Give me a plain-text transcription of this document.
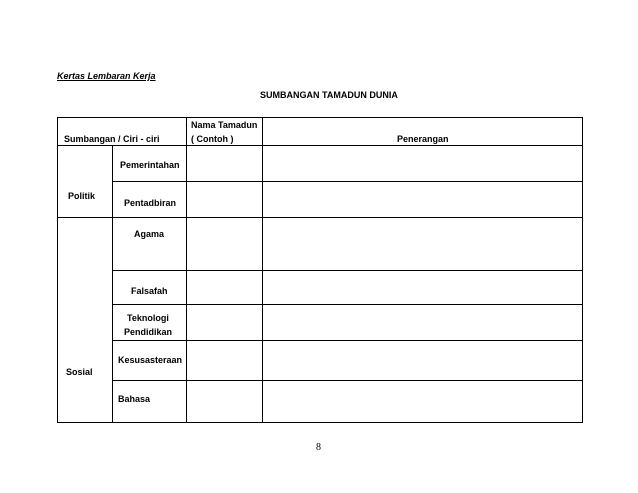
Kertas Lembaran Kerja
SUMBANGAN TAMADUN DUNIA
Sumbangan / Ciri - ciri
Nama Tamadun
( Contoh )	Penerangan
Politik
Pemerintahan
Pentadbiran
Sosial
Agama
Falsafah
Teknologi
Pendidikan
Kesusasteraan
Bahasa
8
